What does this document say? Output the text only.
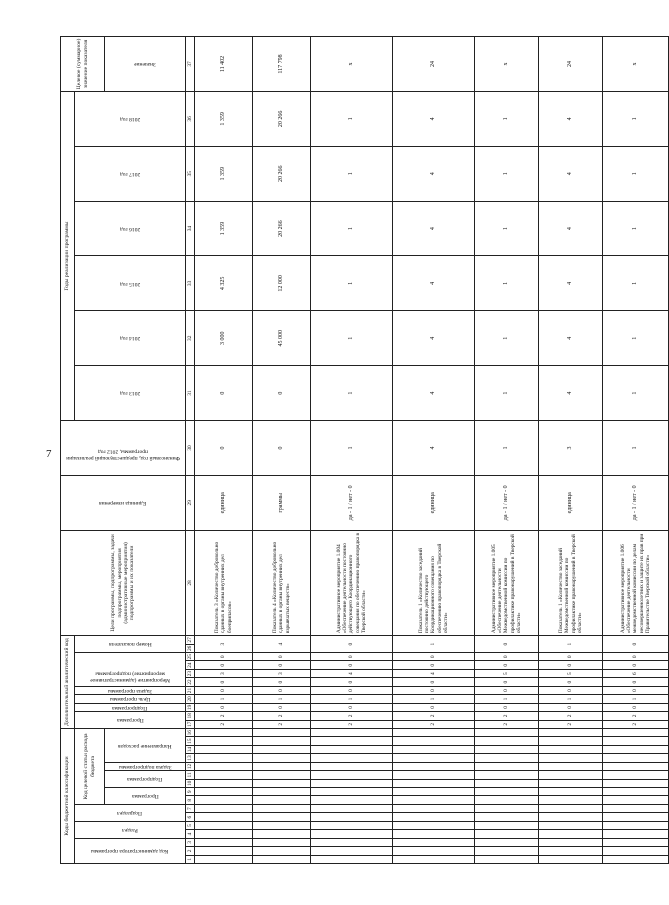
7
Коды бюджетной классификации																Дополнительный аналитический код											Цели программы, подпрограммы, задачи подпрограммы, мероприятия (административные мероприятия) подпрограммы и их показатели	Единица измерения	Финансовый год, предшествующий реализации программы, 2012 год	Годы реализации программы						Целевое (суммарное) значение показателя

Код администратора программы			Раздел		Подраздел		Код целевой статьи расхода бюджета									Программа		Подпрограмма	Цель программы	Задача программы	Мероприятие (административное мероприятие) подпрограммы				Номер показателя					2013 год	2014 год	2015 год	2016 год	2017 год	2018 год	

							Программа		Подпрограмма		Задача подпрограммы	Направление расходов																								Значение

1	2	3	4	5	6	7	8	9	10	11	12	13	14	15	16	17	18	19	20	21	22	23	24	25	26	27	28	29	30	31	32	33	34	35	36	37
																2	2	0	1	0	0	3	0	0	3		Показатель 3 «Количество добровольно сданных в органы внутренних дел боеприпасов»	единица	0	0	3 000	4 325	1 359	1 359	1 359	11 402
																2	2	0	1	0	0	3	0	0	4		Показатель 4 «Количество добровольно сданных в органы внутренних дел взрывчатых веществ»	граммы	0	0	45 000	12 000	20 266	20 266	20 266	117 798
																2	2	0	1	0	0	4	0	0	0		Административное мероприятие 1.004 «Обеспечение деятельности постоянно действующего Координационного совещания по обеспечению правопорядка в Тверской области»	да - 1 / нет - 0	1	1	1	1	1	1	1	х
																2	2	0	1	0	0	4	0	0	1		Показатель 1 «Количество заседаний постоянно действующего Координационного совещания по обеспечению правопорядка в Тверской области»	единица	4	4	4	4	4	4	4	24
																2	2	0	1	0	0	5	0	0	0		Административное мероприятие 1.005 «Обеспечение деятельности Межведомственной комиссии по профилактике правонарушений в Тверской области»	да - 1 / нет - 0	1	1	1	1	1	1	1	х
																2	2	0	1	0	0	5	0	0	1		Показатель 1 «Количество заседаний Межведомственной комиссии по профилактике правонарушений в Тверской области»	единица	3	4	4	4	4	4	4	24
																2	2	0	1	0	0	6	0	0	0		Административное мероприятие 1.006 «Обеспечение деятельности межведомственной комиссии по делам несовершеннолетних и защите их прав при Правительстве Тверской области»	да - 1 / нет - 0	1	1	1	1	1	1	1	х
